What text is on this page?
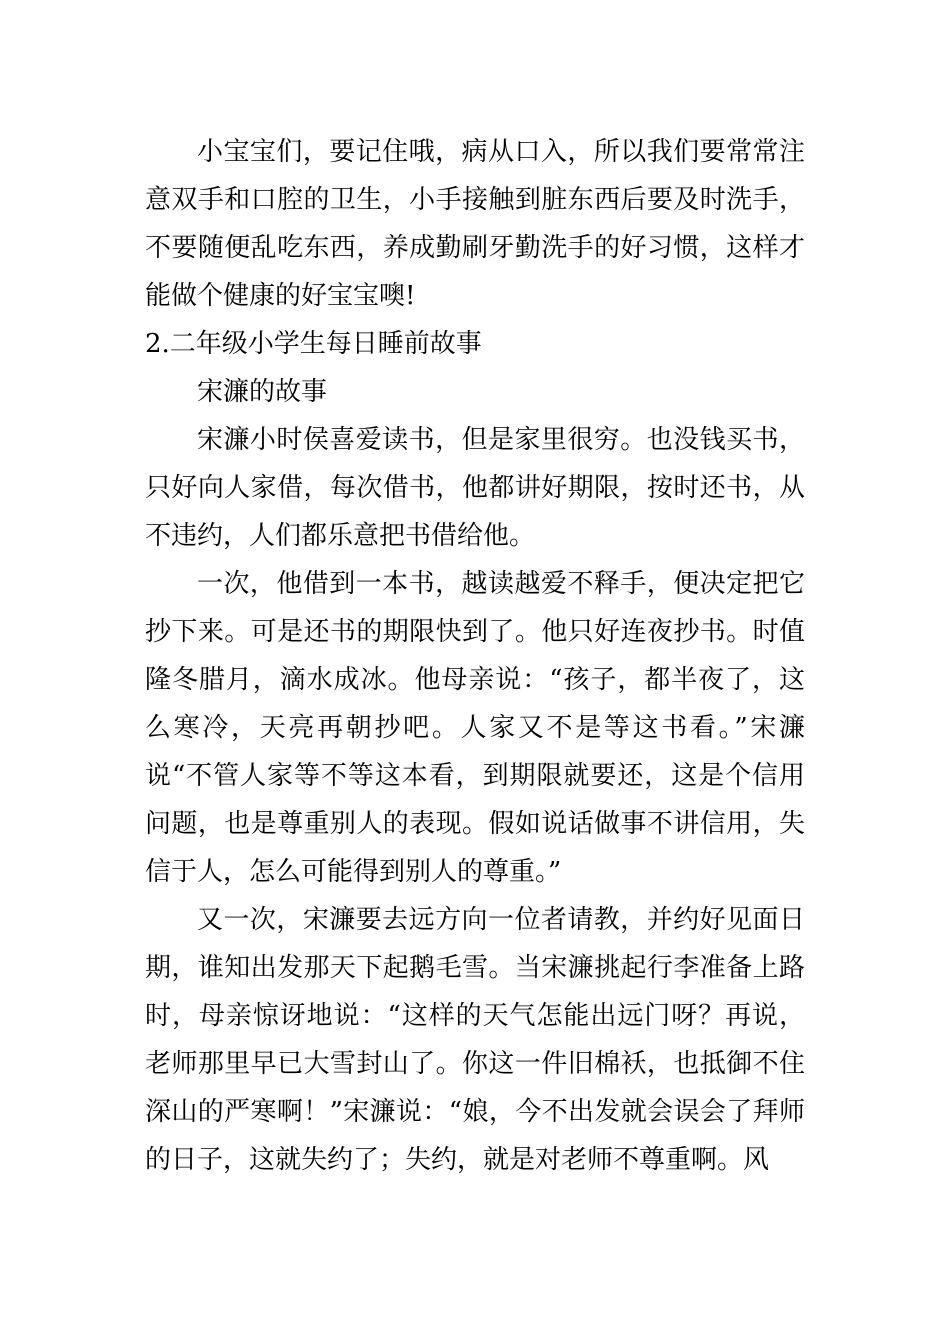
小宝宝们，要记住哦，病从口入，所以我们要常常注意双手和口腔的卫生，小手接触到脏东西后要及时洗手，不要随便乱吃东西，养成勤刷牙勤洗手的好习惯，这样才能做个健康的好宝宝噢!

2.二年级小学生每日睡前故事

宋濂的故事

宋濂小时侯喜爱读书，但是家里很穷。也没钱买书，只好向人家借，每次借书，他都讲好期限，按时还书，从不违约，人们都乐意把书借给他。

一次，他借到一本书，越读越爱不释手，便决定把它抄下来。可是还书的期限快到了。他只好连夜抄书。时值隆冬腊月，滴水成冰。他母亲说：“孩子，都半夜了，这么寒冷，天亮再朝抄吧。人家又不是等这书看。”宋濂说“不管人家等不等这本看，到期限就要还，这是个信用问题，也是尊重别人的表现。假如说话做事不讲信用，失信于人，怎么可能得到别人的尊重。”

又一次，宋濂要去远方向一位者请教，并约好见面日期，谁知出发那天下起鹅毛雪。当宋濂挑起行李准备上路时，母亲惊讶地说：“这样的天气怎能出远门呀？再说，老师那里早已大雪封山了。你这一件旧棉袄，也抵御不住深山的严寒啊！”宋濂说：“娘，今不出发就会误会了拜师的日子，这就失约了；失约，就是对老师不尊重啊。风
